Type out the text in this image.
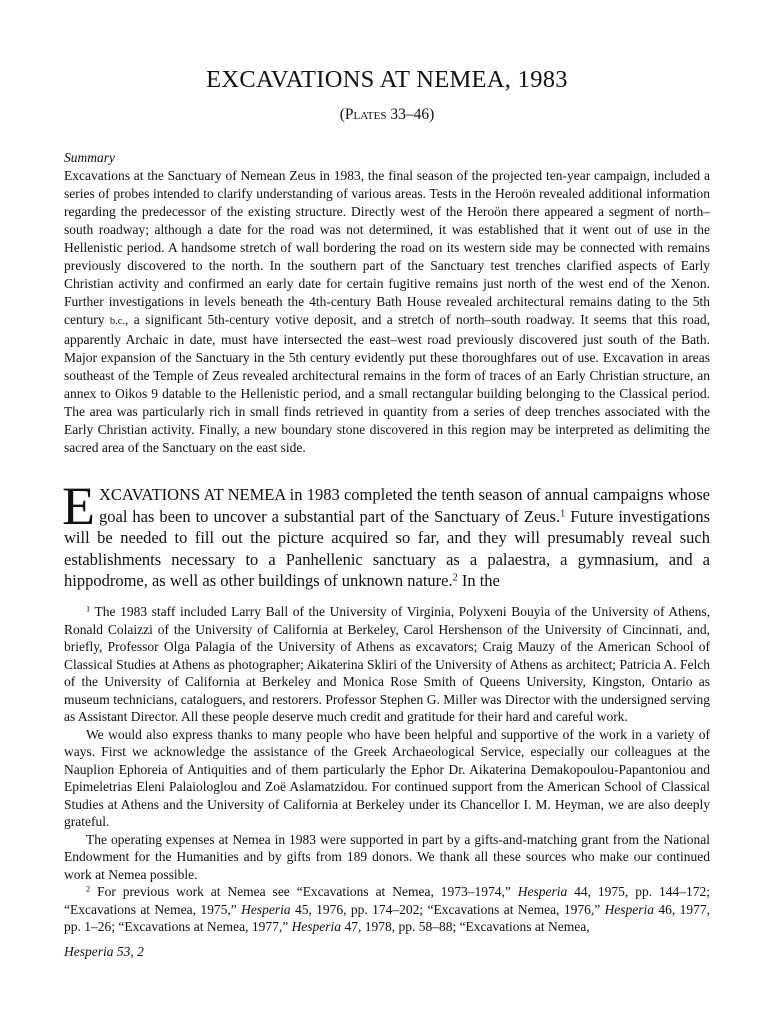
EXCAVATIONS AT NEMEA, 1983
(Plates 33–46)
Summary

Excavations at the Sanctuary of Nemean Zeus in 1983, the final season of the projected ten-year campaign, included a series of probes intended to clarify understanding of various areas. Tests in the Heroön revealed additional information regarding the predecessor of the existing structure. Directly west of the Heroön there appeared a segment of north–south roadway; although a date for the road was not determined, it was established that it went out of use in the Hellenistic period. A handsome stretch of wall bordering the road on its western side may be connected with remains previously discovered to the north. In the southern part of the Sanctuary test trenches clarified aspects of Early Christian activity and confirmed an early date for certain fugitive remains just north of the west end of the Xenon. Further investigations in levels beneath the 4th-century Bath House revealed architectural remains dating to the 5th century b.c., a significant 5th-century votive deposit, and a stretch of north–south roadway. It seems that this road, apparently Archaic in date, must have intersected the east–west road previously discovered just south of the Bath. Major expansion of the Sanctuary in the 5th century evidently put these thoroughfares out of use. Excavation in areas southeast of the Temple of Zeus revealed architectural remains in the form of traces of an Early Christian structure, an annex to Oikos 9 datable to the Hellenistic period, and a small rectangular building belonging to the Classical period. The area was particularly rich in small finds retrieved in quantity from a series of deep trenches associated with the Early Christian activity. Finally, a new boundary stone discovered in this region may be interpreted as delimiting the sacred area of the Sanctuary on the east side.

EXCAVATIONS AT NEMEA in 1983 completed the tenth season of annual campaigns whose goal has been to uncover a substantial part of the Sanctuary of Zeus.$^1$ Future investigations will be needed to fill out the picture acquired so far, and they will presumably reveal such establishments necessary to a Panhellenic sanctuary as a palaestra, a gymnasium, and a hippodrome, as well as other buildings of unknown nature.$^2$ In the

$^1$ The 1983 staff included Larry Ball of the University of Virginia, Polyxeni Bouyia of the University of Athens, Ronald Colaizzi of the University of California at Berkeley, Carol Hershenson of the University of Cincinnati, and, briefly, Professor Olga Palagia of the University of Athens as excavators; Craig Mauzy of the American School of Classical Studies at Athens as photographer; Aikaterina Skliri of the University of Athens as architect; Patricia A. Felch of the University of California at Berkeley and Monica Rose Smith of Queens University, Kingston, Ontario as museum technicians, cataloguers, and restorers. Professor Stephen G. Miller was Director with the undersigned serving as Assistant Director. All these people deserve much credit and gratitude for their hard and careful work.

We would also express thanks to many people who have been helpful and supportive of the work in a variety of ways. First we acknowledge the assistance of the Greek Archaeological Service, especially our colleagues at the Nauplion Ephoreia of Antiquities and of them particularly the Ephor Dr. Aikaterina Demakopoulou-Papantoniou and Epimeletrias Eleni Palaiologlou and Zoë Aslamatzidou. For continued support from the American School of Classical Studies at Athens and the University of California at Berkeley under its Chancellor I. M. Heyman, we are also deeply grateful.

The operating expenses at Nemea in 1983 were supported in part by a gifts-and-matching grant from the National Endowment for the Humanities and by gifts from 189 donors. We thank all these sources who make our continued work at Nemea possible.

$^2$ For previous work at Nemea see “Excavations at Nemea, 1973–1974,” Hesperia 44, 1975, pp. 144–172; “Excavations at Nemea, 1975,” Hesperia 45, 1976, pp. 174–202; “Excavations at Nemea, 1976,” Hesperia 46, 1977, pp. 1–26; “Excavations at Nemea, 1977,” Hesperia 47, 1978, pp. 58–88; “Excavations at Nemea,

Hesperia 53, 2
